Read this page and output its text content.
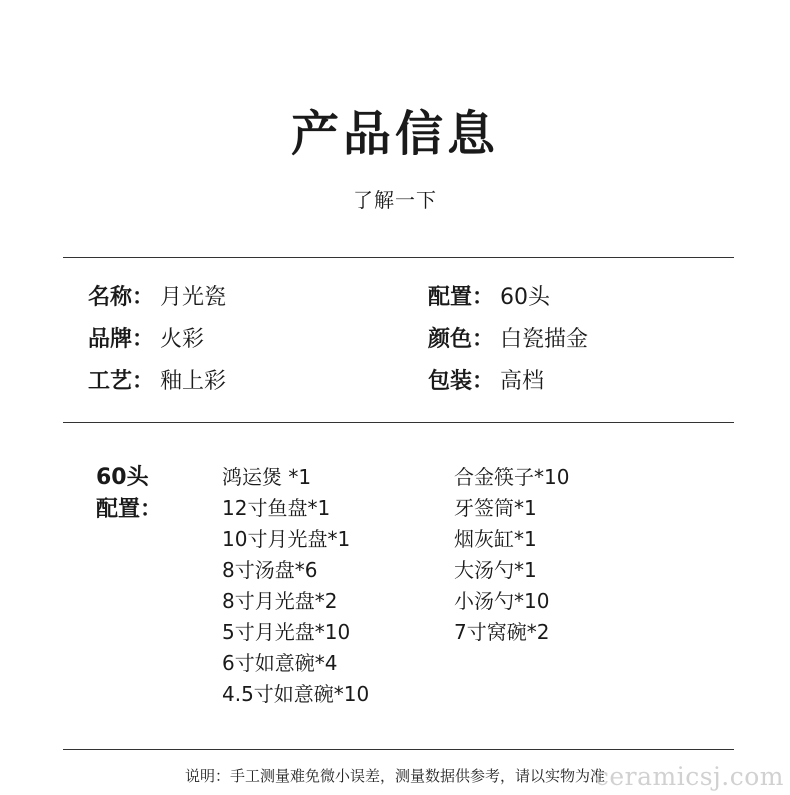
产品信息
了解一下
名称： 月光瓷	配置： 60头
品牌： 火彩	颜色： 白瓷描金
工艺： 釉上彩	包装： 高档
60头
配置：
鸿运煲 *1
12寸鱼盘*1
10寸月光盘*1
8寸汤盘*6
8寸月光盘*2
5寸月光盘*10
6寸如意碗*4
4.5寸如意碗*10
合金筷子*10
牙签筒*1
烟灰缸*1
大汤勺*1
小汤勺*10
7寸窝碗*2
说明：手工测量难免微小误差，测量数据供参考，请以实物为准
ceramicsj.com
